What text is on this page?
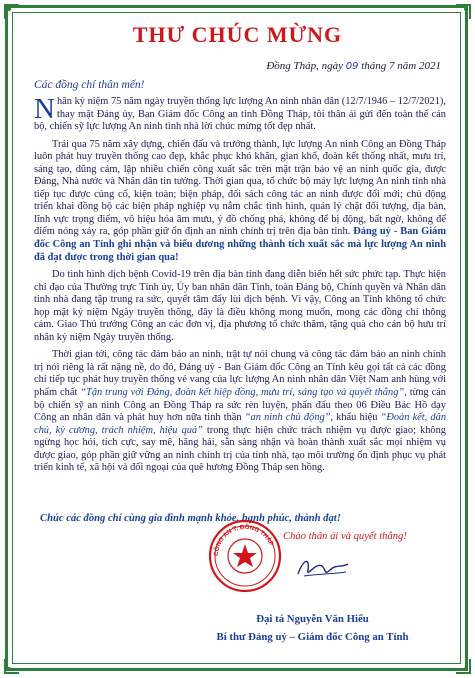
THƯ CHÚC MỪNG
Đồng Tháp, ngày 09 tháng 7 năm 2021
Các đồng chí thân mến!

Nhân kỷ niệm 75 năm ngày truyền thống lực lượng An ninh nhân dân (12/7/1946 – 12/7/2021), thay mặt Đảng ủy, Ban Giám đốc Công an tỉnh Đồng Tháp, tôi thân ái gửi đến toàn thể cán bộ, chiến sỹ lực lượng An ninh tình nhà lời chúc mừng tốt đẹp nhất.

Trải qua 75 năm xây dựng, chiến đấu và trưởng thành, lực lượng An ninh Công an Đồng Tháp luôn phát huy truyền thống cao đẹp, khắc phục khó khăn, gian khổ, đoàn kết thống nhất, mưu trí, sáng tạo, dũng cảm, lập nhiều chiến công xuất sắc trên mặt trận bảo vệ an ninh quốc gia, được Đảng, Nhà nước và Nhân dân tin tưởng. Thời gian qua, tổ chức bộ máy lực lượng An ninh tỉnh nhà tiếp tục được củng cố, kiện toàn; biện pháp, đối sách công tác an ninh được đổi mới; chủ động triển khai đồng bộ các biện pháp nghiệp vụ nắm chắc tình hình, quản lý chặt đối tượng, địa bàn, lĩnh vực trọng điểm, vô hiệu hóa âm mưu, ý đồ chống phá, không để bị động, bất ngờ, không để điểm nóng xảy ra, góp phần giữ ổn định an ninh chính trị trên địa bàn tỉnh. Đảng uỷ - Ban Giám đốc Công an Tỉnh ghi nhận và biểu dương những thành tích xuất sắc mà lực lượng An ninh đã đạt được trong thời gian qua!

Do tình hình dịch bệnh Covid-19 trên địa bàn tỉnh đang diễn biến hết sức phức tạp. Thực hiện chỉ đạo của Thường trực Tỉnh ủy, Ủy ban nhân dân Tỉnh, toàn Đảng bộ, Chính quyền và Nhân dân tỉnh nhà đang tập trung ra sức, quyết tâm đẩy lùi dịch bệnh. Vì vậy, Công an Tỉnh không tổ chức họp mặt kỷ niệm Ngày truyền thống, đây là điều không mong muốn, mong các đồng chí thông cảm. Giao Thủ trưởng Công an các đơn vị, địa phương tổ chức thăm, tặng quà cho cán bộ hưu trí nhân kỷ niệm Ngày truyền thống.

Thời gian tới, công tác đảm bảo an ninh, trật tự nói chung và công tác đảm bảo an ninh chính trị nói riêng là rất nặng nề, do đó, Đảng uỷ - Ban Giám đốc Công an Tỉnh kêu gọi tất cả các đồng chí tiếp tục phát huy truyền thống vẻ vang của lực lượng An ninh nhân dân Việt Nam anh hùng với phẩm chất “Tận trung với Đảng, đoàn kết hiệp đồng, mưu trí, sáng tạo và quyết thắng”, từng cán bộ chiến sỹ an ninh Công an Đồng Tháp ra sức rèn luyện, phấn đấu theo 06 Điều Bác Hồ dạy Công an nhân dân và phát huy hơn nữa tinh thần “an ninh chủ động”, khẩu hiệu “Đoàn kết, dân chủ, kỷ cương, trách nhiệm, hiệu quả” trong thực hiện chức trách nhiệm vụ được giao; không ngừng học hỏi, tích cực, say mê, hăng hái, sẵn sàng nhận và hoàn thành xuất sắc mọi nhiệm vụ được giao, góp phần giữ vững an ninh chính trị của tỉnh nhà, tạo môi trường ổn định phục vụ phát triển kinh tế, xã hội và đối ngoại của quê hương Đồng Tháp sen hồng.

Chúc các đồng chí cùng gia đình mạnh khỏe, hạnh phúc, thành đạt!
CÔNG AN T. ĐỒNG THÁP
Chào thân ái và quyết thắng!
Đại tá Nguyễn Văn Hiếu
Bí thư Đảng uỷ – Giám đốc Công an Tỉnh
